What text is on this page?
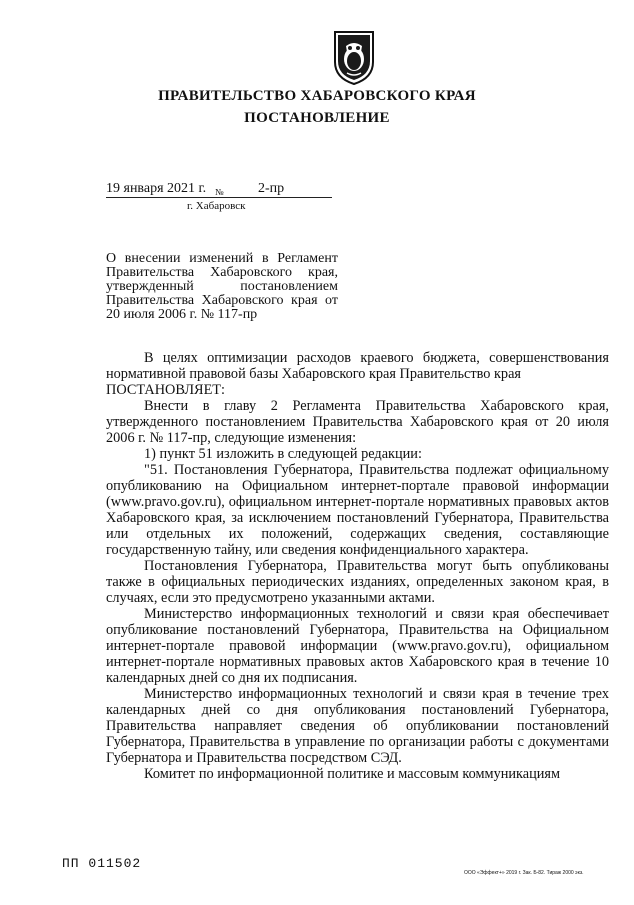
ПРАВИТЕЛЬСТВО ХАБАРОВСКОГО КРАЯ
ПОСТАНОВЛЕНИЕ
19 января 2021 г. № 2-пр
г. Хабаровск
О внесении изменений в Регламент Правительства Хабаровского края, утвержденный постановлением Правительства Хабаровского края от 20 июля 2006 г. № 117-пр

В целях оптимизации расходов краевого бюджета, совершенствования нормативной правовой базы Хабаровского края Правительство края

ПОСТАНОВЛЯЕТ:

Внести в главу 2 Регламента Правительства Хабаровского края, утвержденного постановлением Правительства Хабаровского края от 20 июля 2006 г. № 117-пр, следующие изменения:

1) пункт 51 изложить в следующей редакции:

"51. Постановления Губернатора, Правительства подлежат официальному опубликованию на Официальном интернет-портале правовой информации (www.pravo.gov.ru), официальном интернет-портале нормативных правовых актов Хабаровского края, за исключением постановлений Губернатора, Правительства или отдельных их положений, содержащих сведения, составляющие государственную тайну, или сведения конфиденциального характера.

Постановления Губернатора, Правительства могут быть опубликованы также в официальных периодических изданиях, определенных законом края, в случаях, если это предусмотрено указанными актами.

Министерство информационных технологий и связи края обеспечивает опубликование постановлений Губернатора, Правительства на Официальном интернет-портале правовой информации (www.pravo.gov.ru), официальном интернет-портале нормативных правовых актов Хабаровского края в течение 10 календарных дней со дня их подписания.

Министерство информационных технологий и связи края в течение трех календарных дней со дня опубликования постановлений Губернатора, Правительства направляет сведения об опубликовании постановлений Губернатора, Правительства в управление по организации работы с документами Губернатора и Правительства посредством СЭД.

Комитет по информационной политике и массовым коммуникациям

ПП 011502
ООО «Эффект+» 2019 г. Зак. Б-82. Тираж 2000 экз.
